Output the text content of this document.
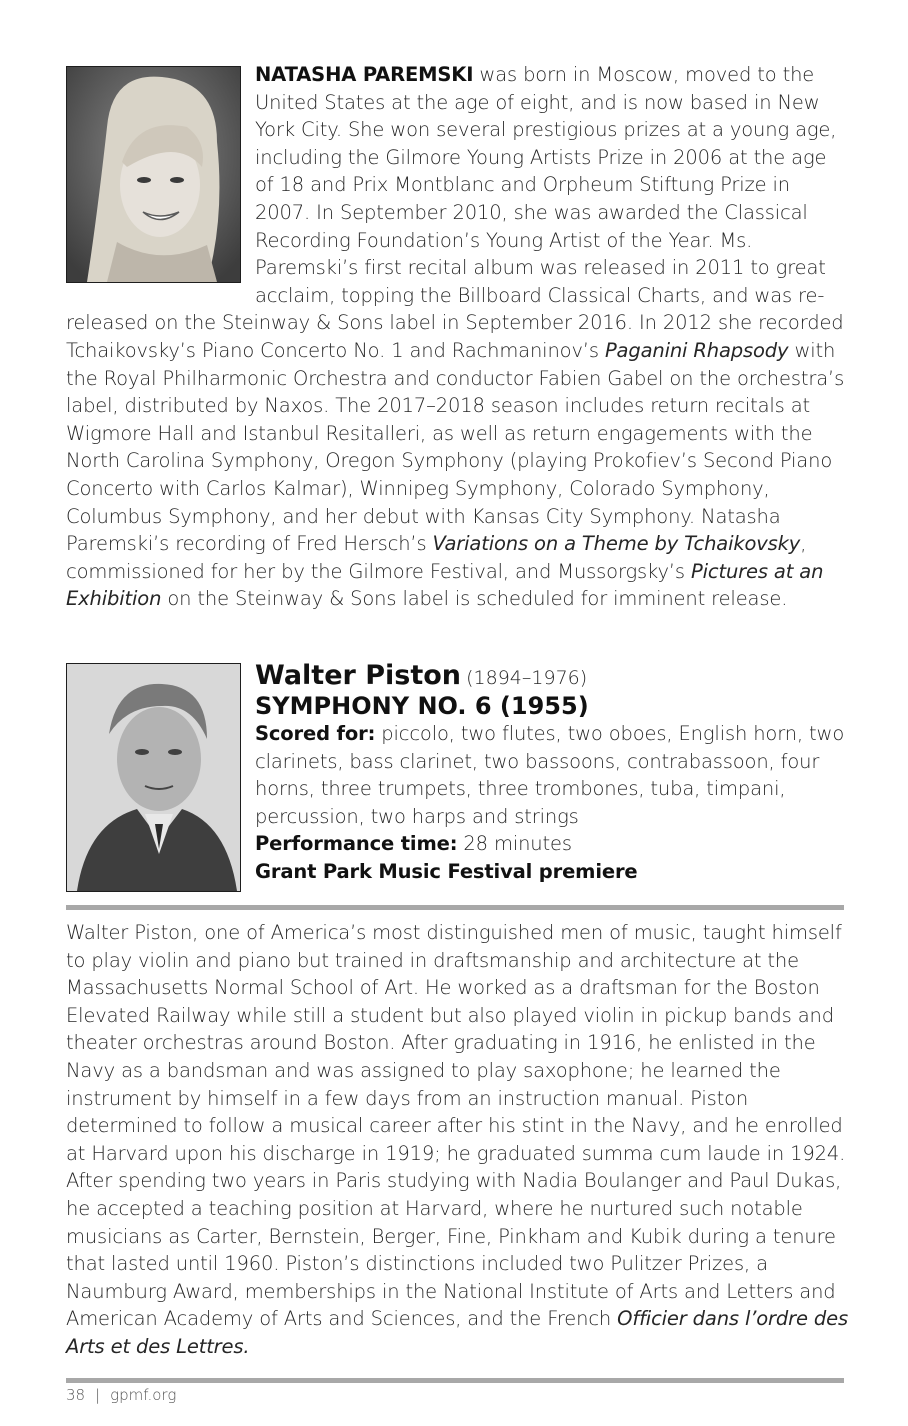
NATASHA PAREMSKI was born in Moscow, moved to the United States at the age of eight, and is now based in New York City. She won several prestigious prizes at a young age, including the Gilmore Young Artists Prize in 2006 at the age of 18 and Prix Montblanc and Orpheum Stiftung Prize in 2007. In September 2010, she was awarded the Classical Recording Foundation’s Young Artist of the Year. Ms. Paremski’s first recital album was released in 2011 to great acclaim, topping the Billboard Classical Charts, and was re-released on the Steinway & Sons label in September 2016. In 2012 she recorded Tchaikovsky’s Piano Concerto No. 1 and Rachmaninov’s Paganini Rhapsody with the Royal Philharmonic Orchestra and conductor Fabien Gabel on the orchestra’s label, distributed by Naxos. The 2017–2018 season includes return recitals at Wigmore Hall and Istanbul Resitalleri, as well as return engagements with the North Carolina Symphony, Oregon Symphony (playing Prokofiev’s Second Piano Concerto with Carlos Kalmar), Winnipeg Symphony, Colorado Symphony, Columbus Symphony, and her debut with Kansas City Symphony. Natasha Paremski’s recording of Fred Hersch’s Variations on a Theme by Tchaikovsky, commissioned for her by the Gilmore Festival, and Mussorgsky’s Pictures at an Exhibition on the Steinway & Sons label is scheduled for imminent release.

Walter Piston (1894–1976)
SYMPHONY NO. 6 (1955)

Scored for: piccolo, two flutes, two oboes, English horn, two clarinets, bass clarinet, two bassoons, contrabassoon, four horns, three trumpets, three trombones, tuba, timpani, percussion, two harps and strings

Performance time: 28 minutes

Grant Park Music Festival premiere

Walter Piston, one of America’s most distinguished men of music, taught himself to play violin and piano but trained in draftsmanship and architecture at the Massachusetts Normal School of Art. He worked as a draftsman for the Boston Elevated Railway while still a student but also played violin in pickup bands and theater orchestras around Boston. After graduating in 1916, he enlisted in the Navy as a bandsman and was assigned to play saxophone; he learned the instrument by himself in a few days from an instruction manual. Piston determined to follow a musical career after his stint in the Navy, and he enrolled at Harvard upon his discharge in 1919; he graduated summa cum laude in 1924. After spending two years in Paris studying with Nadia Boulanger and Paul Dukas, he accepted a teaching position at Harvard, where he nurtured such notable musicians as Carter, Bernstein, Berger, Fine, Pinkham and Kubik during a tenure that lasted until 1960. Piston’s distinctions included two Pulitzer Prizes, a Naumburg Award, memberships in the National Institute of Arts and Letters and American Academy of Arts and Sciences, and the French Officier dans l’ordre des Arts et des Lettres.

38 | gpmf.org
